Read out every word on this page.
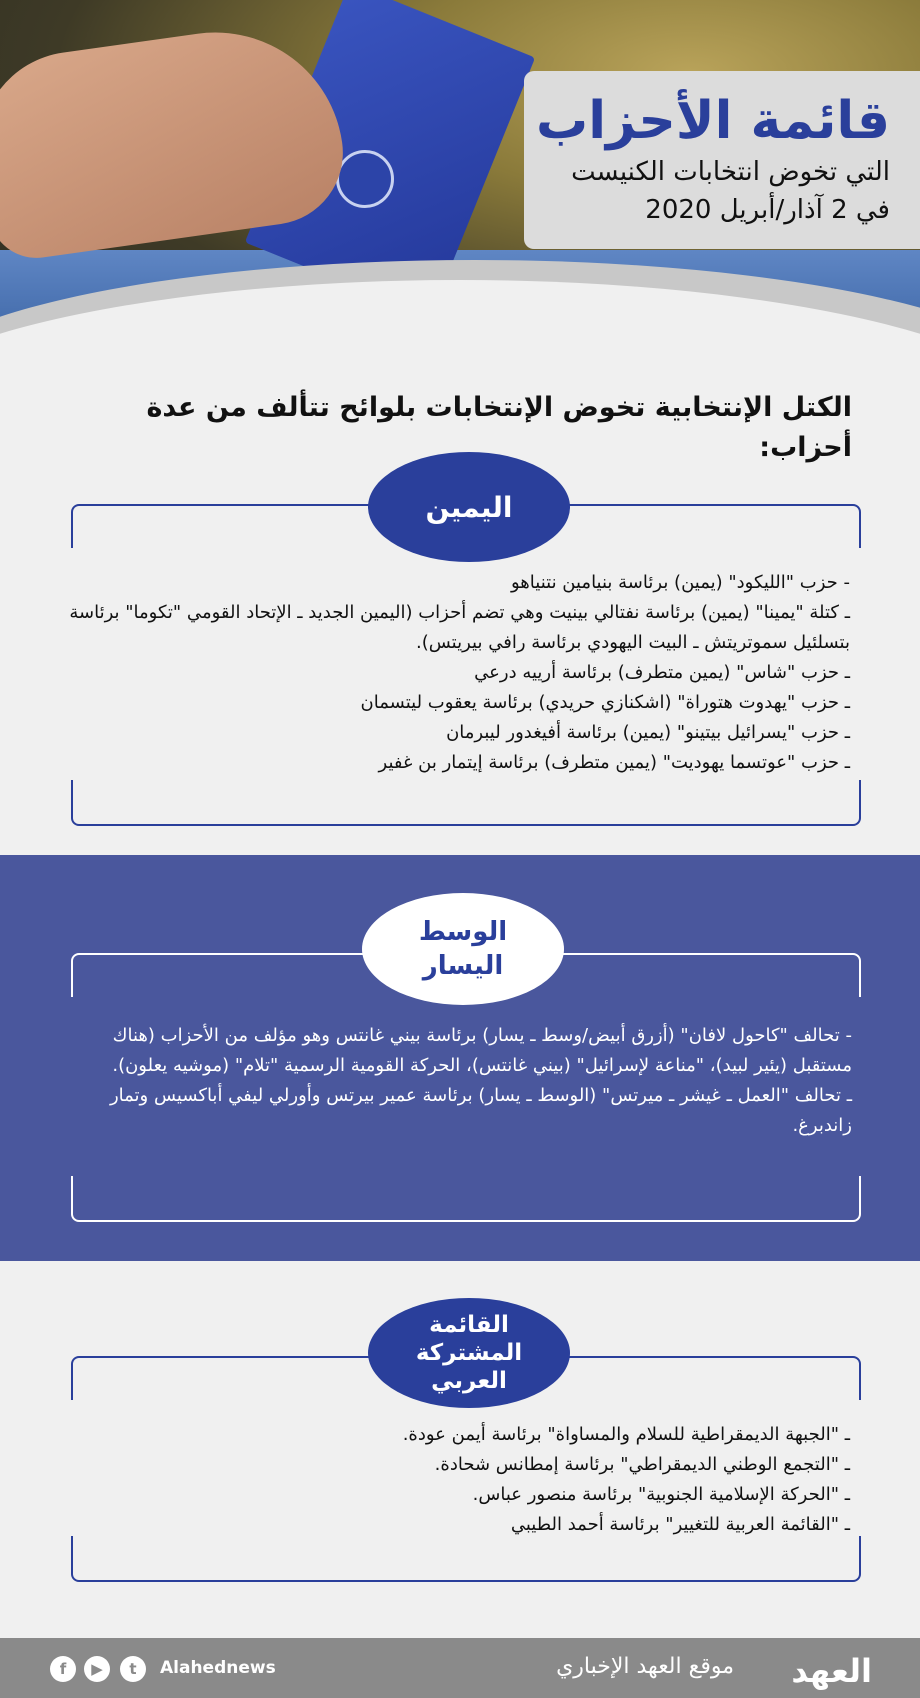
قائمة الأحزاب
التي تخوض انتخابات الكنيست
في 2 آذار/أبريل 2020
الكتل الإنتخابية تخوض الإنتخابات بلوائح تتألف من عدة أحزاب:
اليمين
- حزب "الليكود" (يمين) برئاسة بنيامين نتنياهو
ـ كتلة "يمينا" (يمين) برئاسة نفتالي بينيت وهي تضم أحزاب (اليمين الجديد ـ الإتحاد القومي "تكوما" برئاسة بتسلئيل سموتريتش ـ البيت اليهودي برئاسة رافي بيريتس).
ـ حزب "شاس" (يمين متطرف) برئاسة أرييه درعي
ـ حزب "يهدوت هتوراة" (اشكنازي حريدي) برئاسة يعقوب ليتسمان
ـ حزب "يسرائيل بيتينو" (يمين) برئاسة أفيغدور ليبرمان
ـ حزب "عوتسما يهوديت" (يمين متطرف) برئاسة إيتمار بن غفير
الوسط
اليسار
- تحالف "كاحول لافان" (أزرق أبيض/وسط ـ يسار) برئاسة بيني غانتس وهو مؤلف من الأحزاب (هناك مستقبل (يئير لبيد)، "مناعة لإسرائيل" (بيني غانتس)، الحركة القومية الرسمية "تلام" (موشيه يعلون).
ـ تحالف "العمل ـ غيشر ـ ميرتس" (الوسط ـ يسار) برئاسة عمير بيرتس وأورلي ليفي أباكسيس وتمار زاندبرغ.
القائمة
المشتركة
العربي
ـ "الجبهة الديمقراطية للسلام والمساواة" برئاسة أيمن عودة.
ـ "التجمع الوطني الديمقراطي" برئاسة إمطانس شحادة.
ـ "الحركة الإسلامية الجنوبية" برئاسة منصور عباس.
ـ "القائمة العربية للتغيير" برئاسة أحمد الطيبي
العهد
موقع العهد الإخباري
Alahednews
t
▶
f
